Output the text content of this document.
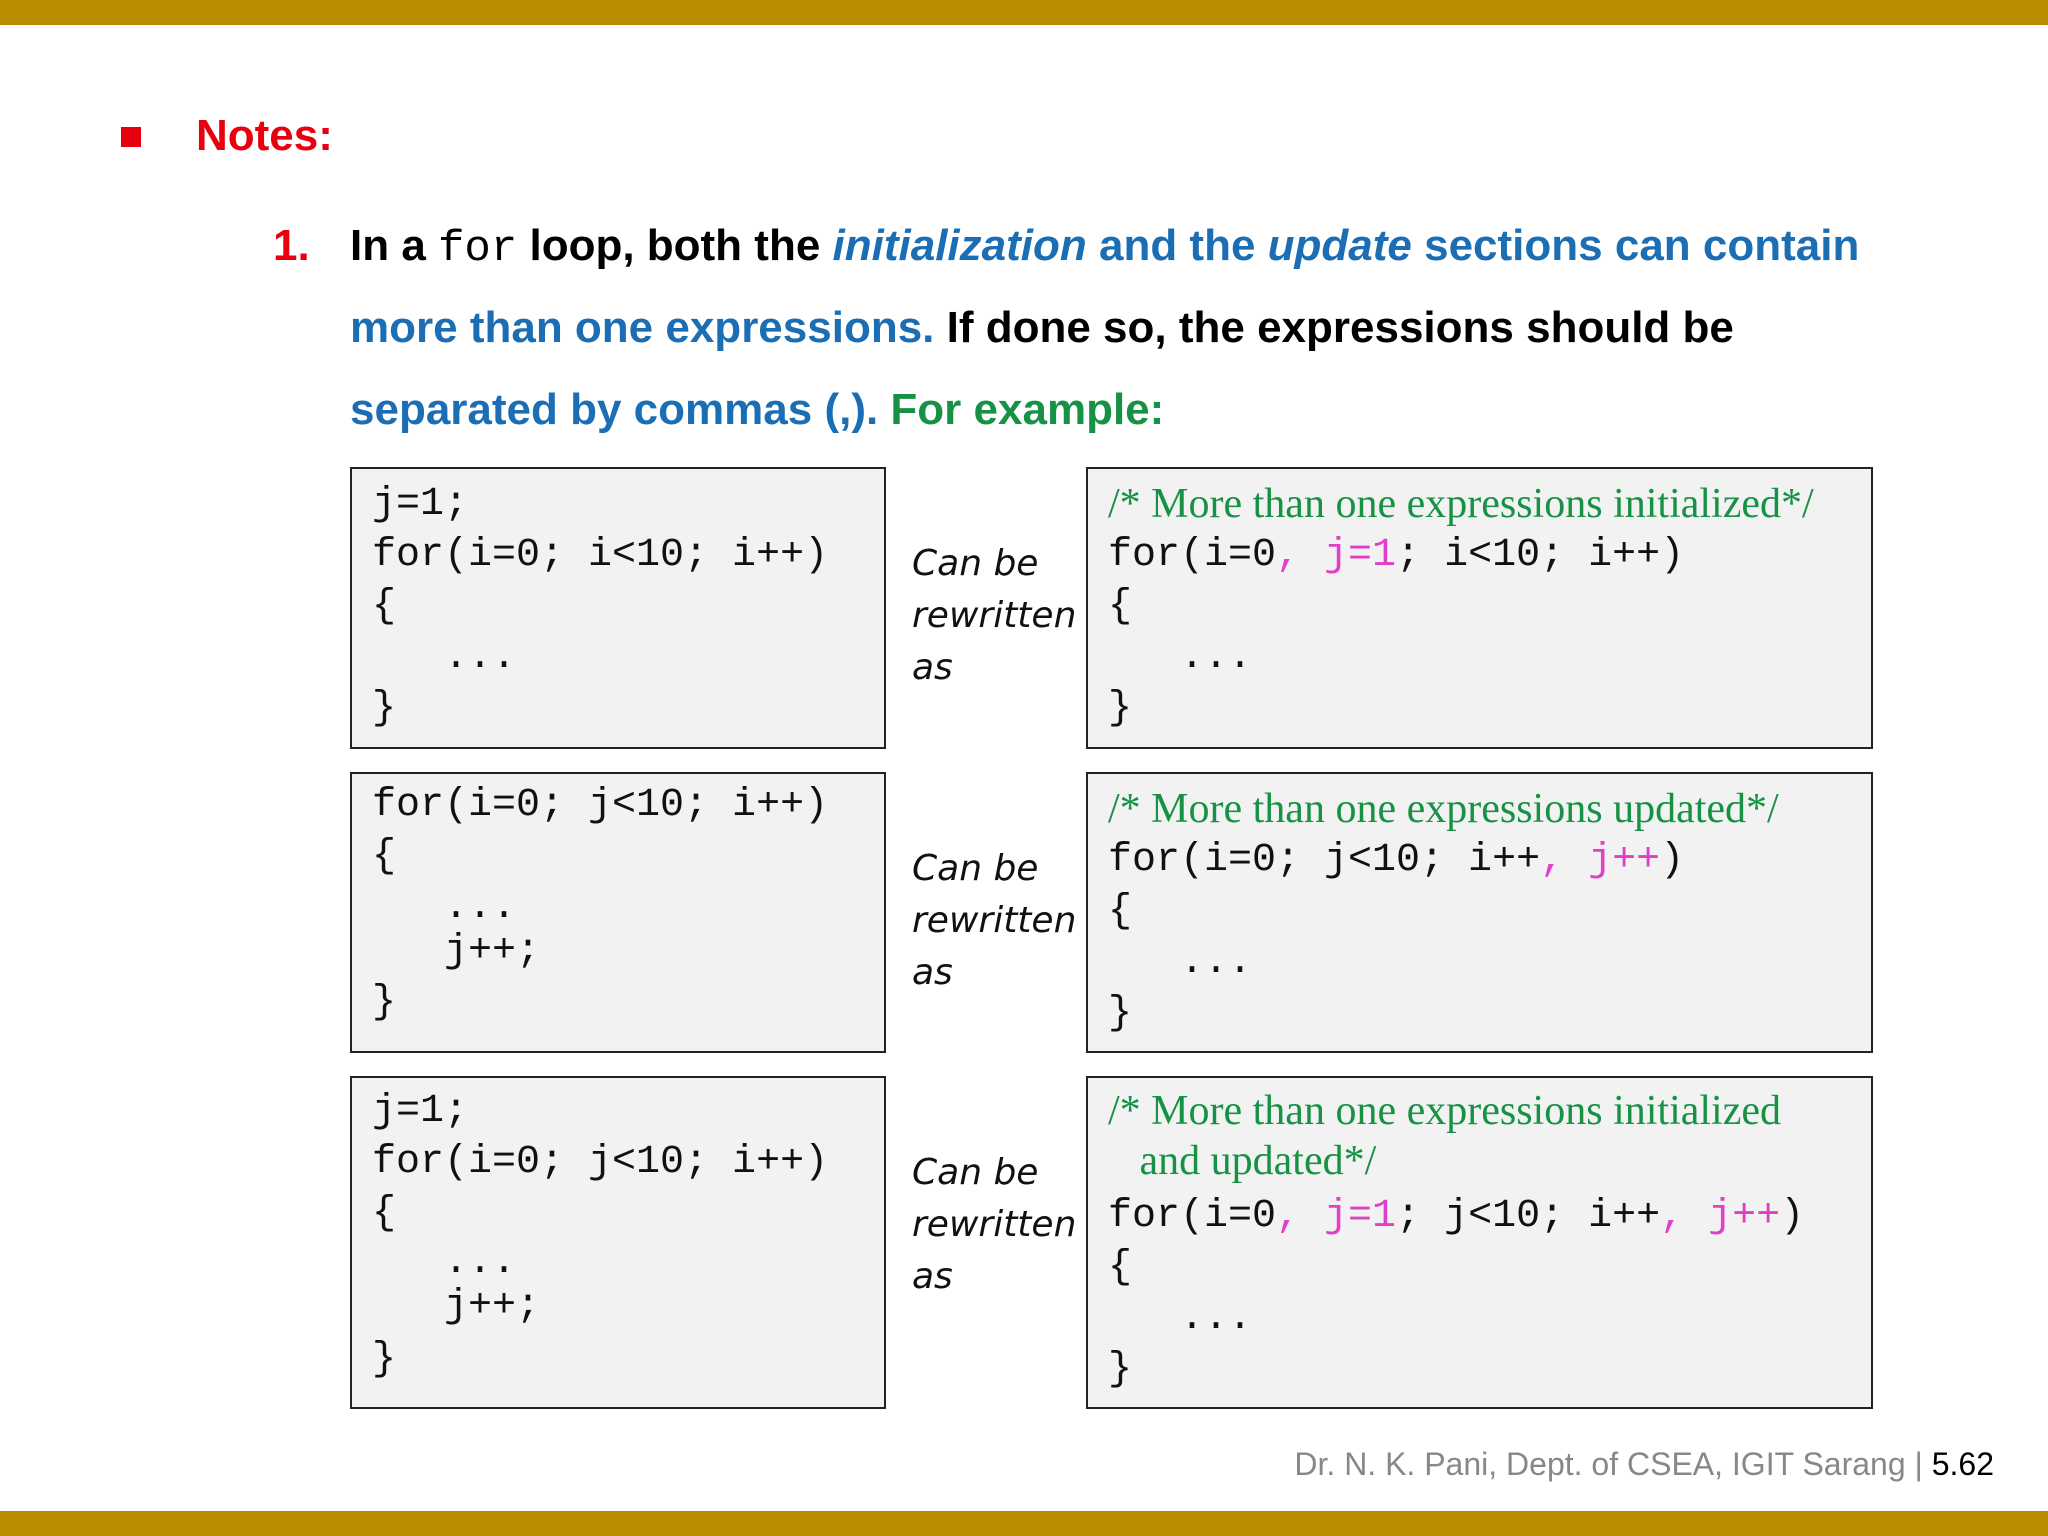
Notes:
1. In a for loop, both the initialization and the update sections can contain
more than one expressions. If done so, the expressions should be
separated by commas (,). For example:
j=1;
for(i=0; i<10; i++)
{
...
}
Can be
rewritten
as
/* More than one expressions initialized*/
for(i=0, j=1; i<10; i++)
{
...
}
for(i=0; j<10; i++)
{
...
j++;
}
Can be
rewritten
as
/* More than one expressions updated*/
for(i=0; j<10; i++, j++)
{
...
}
j=1;
for(i=0; j<10; i++)
{
...
j++;
}
Can be
rewritten
as
/* More than one expressions initialized
and updated*/
for(i=0, j=1; j<10; i++, j++)
{
...
}
Dr. N. K. Pani, Dept. of CSEA, IGIT Sarang | 5.62
